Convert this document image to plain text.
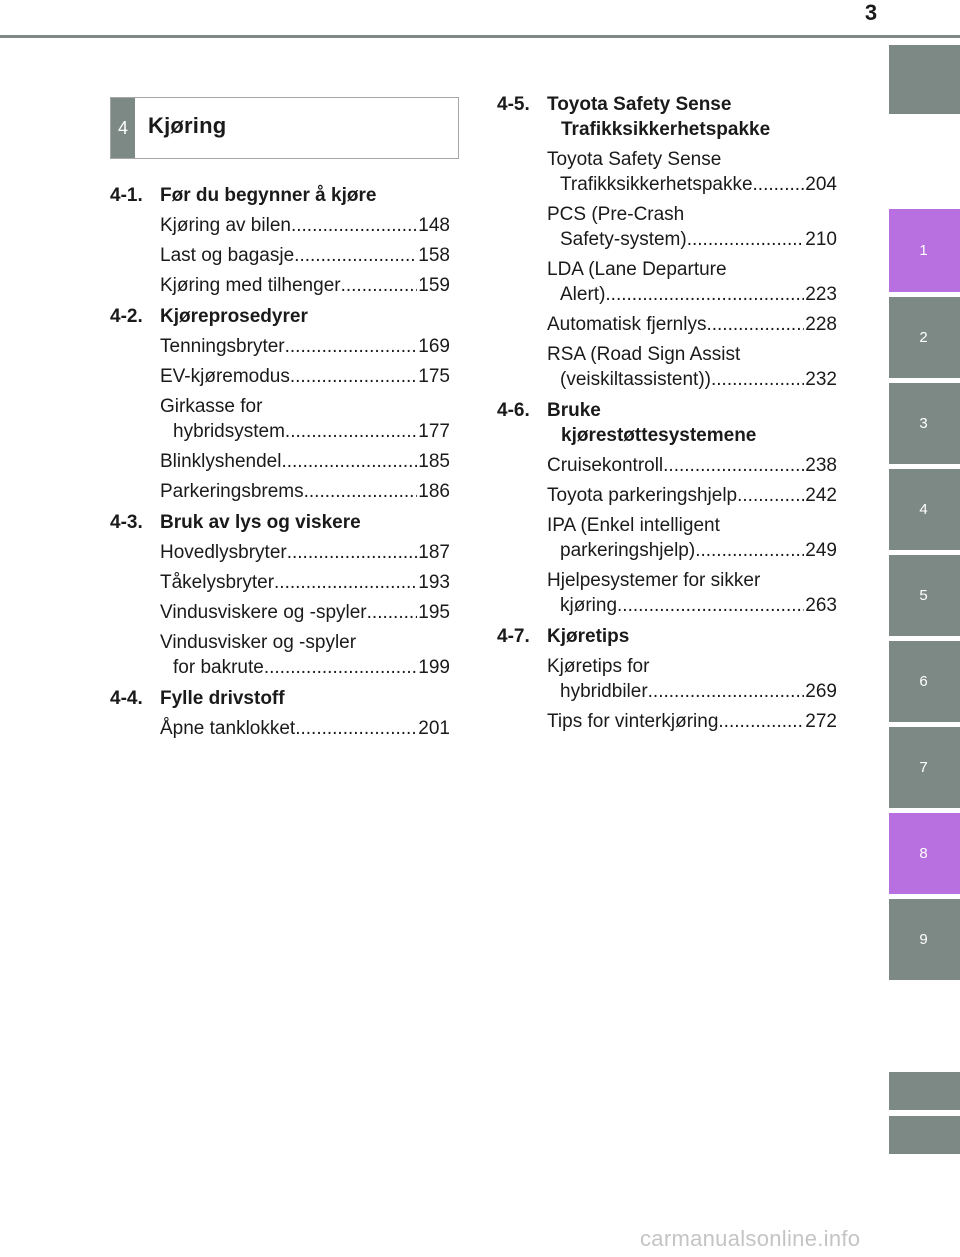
3
1
2
3
4
5
6
7
8
9
4 Kjøring
4-1. Før du begynner å kjøre
Kjøring av bilen .....	148
Last og bagasje .....	158
Kjøring med tilhenger .....	159
4-2. Kjøreprosedyrer
Tenningsbryter .....	169
EV-kjøremodus .....	175
Girkasse for
hybridsystem .....	177
Blinklyshendel .....	185
Parkeringsbrems .....	186
4-3. Bruk av lys og viskere
Hovedlysbryter .....	187
Tåkelysbryter .....	193
Vindusviskere og -spyler .....	195
Vindusvisker og -spyler
for bakrute .....	199
4-4. Fylle drivstoff
Åpne tanklokket .....	201
4-5. Toyota Safety Sense
Trafikksikkerhetspakke
Toyota Safety Sense
Trafikksikkerhetspakke .....	204
PCS (Pre-Crash
Safety-system) .....	210
LDA (Lane Departure
Alert) .....	223
Automatisk fjernlys .....	228
RSA (Road Sign Assist
(veiskiltassistent)) .....	232
4-6. Bruke
kjørestøttesystemene
Cruisekontroll .....	238
Toyota parkeringshjelp .....	242
IPA (Enkel intelligent
parkeringshjelp) .....	249
Hjelpesystemer for sikker
kjøring .....	263
4-7. Kjøretips
Kjøretips for
hybridbiler .....	269
Tips for vinterkjøring .....	272
carmanualsonline.info
